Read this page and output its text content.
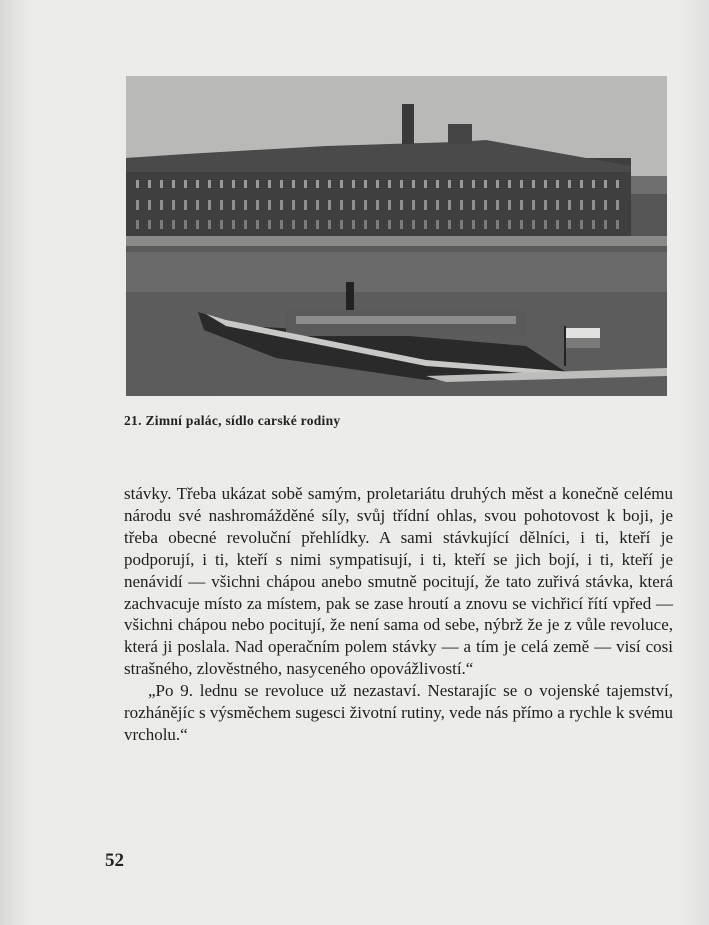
21. Zimní palác, sídlo carské rodiny

stávky. Třeba ukázat sobě samým, proletariátu druhých měst a konečně celému národu své nashromážděné síly, svůj třídní ohlas, svou pohotovost k boji, je třeba obecné revoluční přehlídky. A sami stávkující dělníci, i ti, kteří je podporují, i ti, kteří s nimi sympatisují, i ti, kteří se jich bojí, i ti, kteří je nenávidí — všichni chápou anebo smutně pocitují, že tato zuřivá stávka, která zachvacuje místo za místem, pak se zase hroutí a znovu se vichřicí řítí vpřed — všichni chápou nebo pocitují, že není sama od sebe, nýbrž že je z vůle revoluce, která ji poslala. Nad operačním polem stávky — a tím je celá země — visí cosi strašného, zlověstného, nasyceného opovážlivostí.“

„Po 9. lednu se revoluce už nezastaví. Nestarajíc se o vojenské tajemství, rozhánějíc s výsměchem sugesci životní rutiny, vede nás přímo a rychle k svému vrcholu.“

52
